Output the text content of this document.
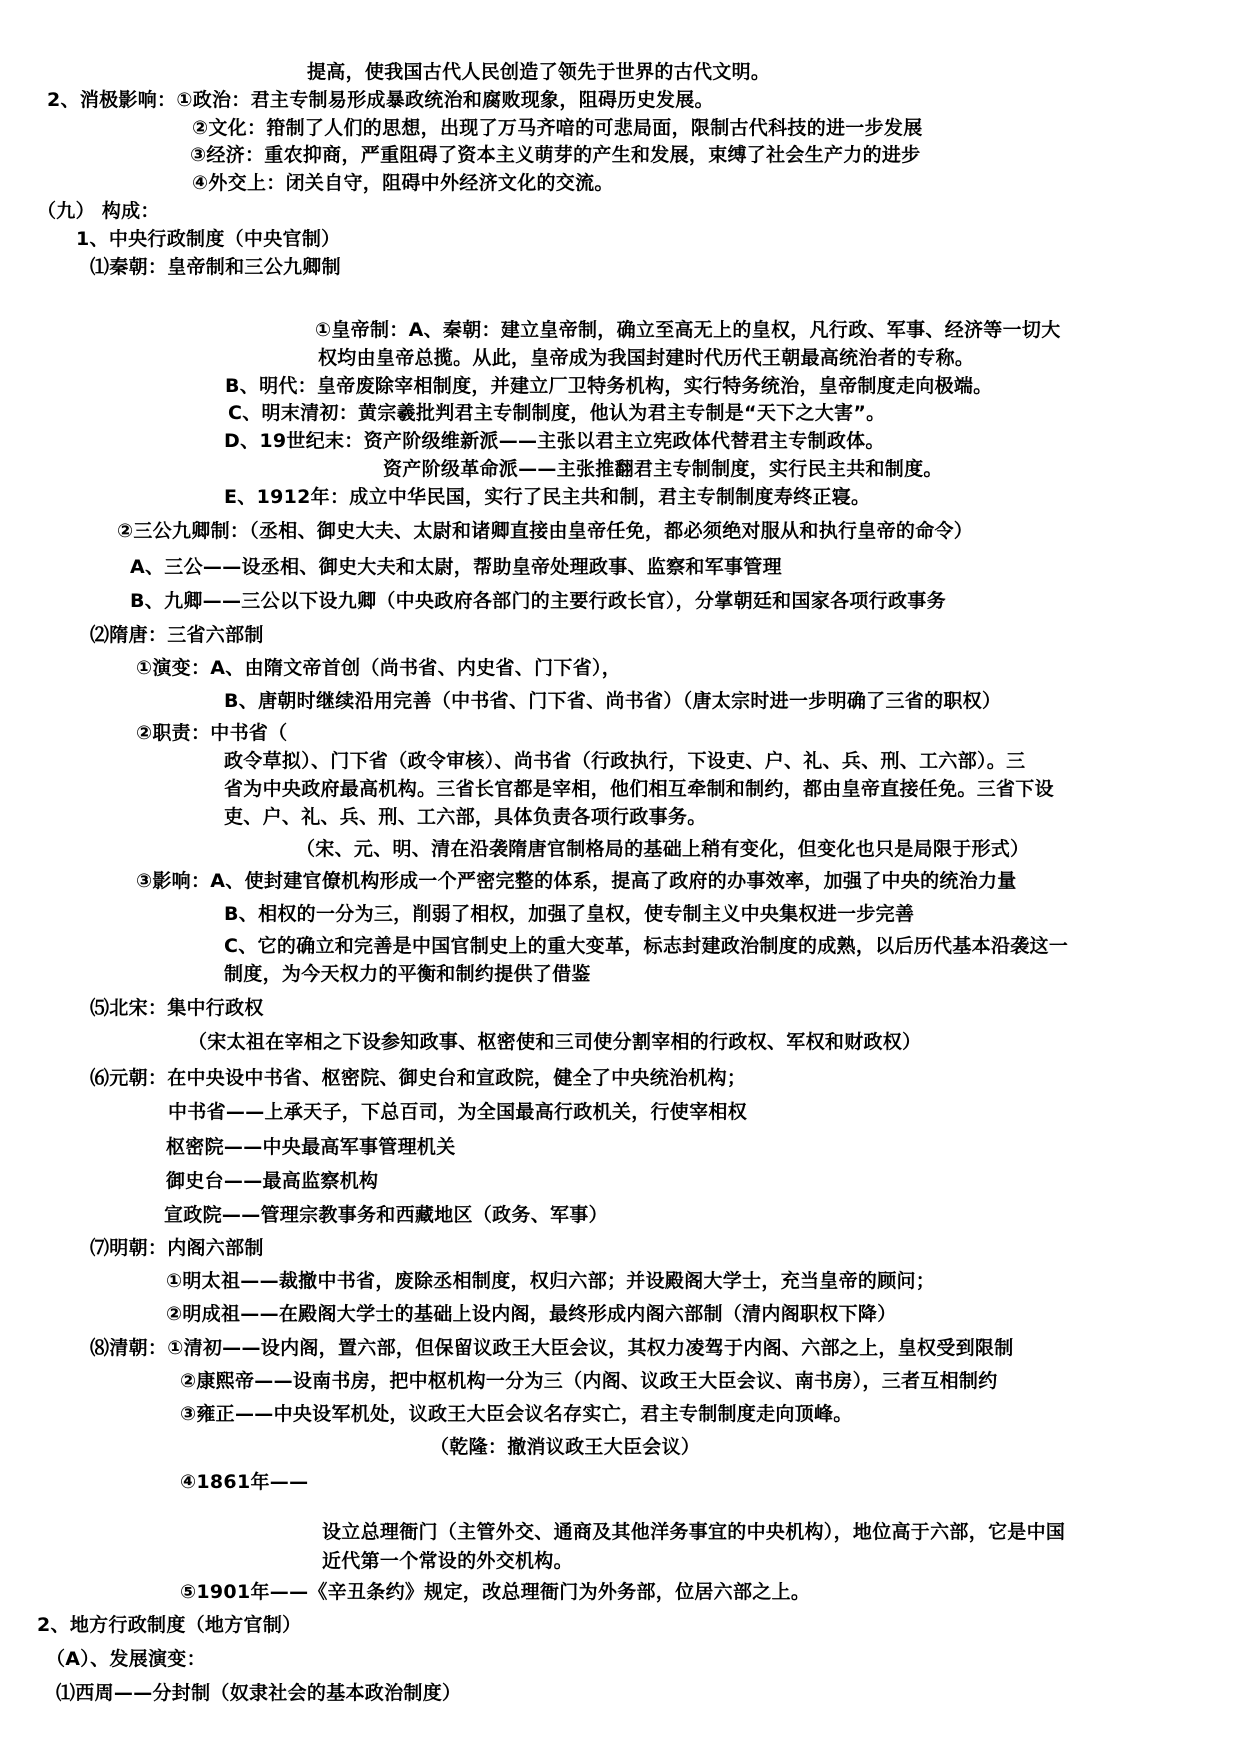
提高，使我国古代人民创造了领先于世界的古代文明。
2、消极影响：①政治：君主专制易形成暴政统治和腐败现象，阻碍历史发展。
②文化：箝制了人们的思想，出现了万马齐喑的可悲局面，限制古代科技的进一步发展
③经济：重农抑商，严重阻碍了资本主义萌芽的产生和发展，束缚了社会生产力的进步
④外交上：闭关自守，阻碍中外经济文化的交流。
（九） 构成：
1、中央行政制度（中央官制）
⑴秦朝：皇帝制和三公九卿制
①皇帝制：A、秦朝：建立皇帝制，确立至高无上的皇权，凡行政、军事、经济等一切大
权均由皇帝总揽。从此，皇帝成为我国封建时代历代王朝最高统治者的专称。
B、明代：皇帝废除宰相制度，并建立厂卫特务机构，实行特务统治，皇帝制度走向极端。
C、明末清初：黄宗羲批判君主专制制度，他认为君主专制是“天下之大害”。
D、19世纪末：资产阶级维新派——主张以君主立宪政体代替君主专制政体。
资产阶级革命派——主张推翻君主专制制度，实行民主共和制度。
E、1912年：成立中华民国，实行了民主共和制，君主专制制度寿终正寝。
②三公九卿制：（丞相、御史大夫、太尉和诸卿直接由皇帝任免，都必须绝对服从和执行皇帝的命令）
A、三公——设丞相、御史大夫和太尉，帮助皇帝处理政事、监察和军事管理
B、九卿——三公以下设九卿（中央政府各部门的主要行政长官），分掌朝廷和国家各项行政事务
⑵隋唐：三省六部制
①演变：A、由隋文帝首创（尚书省、内史省、门下省），
B、唐朝时继续沿用完善（中书省、门下省、尚书省）（唐太宗时进一步明确了三省的职权）
②职责：中书省（
政令草拟）、门下省（政令审核）、尚书省（行政执行，下设吏、户、礼、兵、刑、工六部）。三
省为中央政府最高机构。三省长官都是宰相，他们相互牵制和制约，都由皇帝直接任免。三省下设
吏、户、礼、兵、刑、工六部，具体负责各项行政事务。
（宋、元、明、清在沿袭隋唐官制格局的基础上稍有变化，但变化也只是局限于形式）
③影响：A、使封建官僚机构形成一个严密完整的体系，提高了政府的办事效率，加强了中央的统治力量
B、相权的一分为三，削弱了相权，加强了皇权，使专制主义中央集权进一步完善
C、它的确立和完善是中国官制史上的重大变革，标志封建政治制度的成熟，以后历代基本沿袭这一
制度，为今天权力的平衡和制约提供了借鉴
⑸北宋：集中行政权
（宋太祖在宰相之下设参知政事、枢密使和三司使分割宰相的行政权、军权和财政权）
⑹元朝：在中央设中书省、枢密院、御史台和宣政院，健全了中央统治机构；
中书省——上承天子，下总百司，为全国最高行政机关，行使宰相权
枢密院——中央最高军事管理机关
御史台——最高监察机构
宣政院——管理宗教事务和西藏地区（政务、军事）
⑺明朝：内阁六部制
①明太祖——裁撤中书省，废除丞相制度，权归六部；并设殿阁大学士，充当皇帝的顾问；
②明成祖——在殿阁大学士的基础上设内阁，最终形成内阁六部制（清内阁职权下降）
⑻清朝：①清初——设内阁，置六部，但保留议政王大臣会议，其权力凌驾于内阁、六部之上，皇权受到限制
②康熙帝——设南书房，把中枢机构一分为三（内阁、议政王大臣会议、南书房），三者互相制约
③雍正——中央设军机处，议政王大臣会议名存实亡，君主专制制度走向顶峰。
（乾隆：撤消议政王大臣会议）
④1861年——
设立总理衙门（主管外交、通商及其他洋务事宜的中央机构），地位高于六部，它是中国
近代第一个常设的外交机构。
⑤1901年——《辛丑条约》规定，改总理衙门为外务部，位居六部之上。
2、地方行政制度（地方官制）
（A）、发展演变：
⑴西周——分封制（奴隶社会的基本政治制度）
